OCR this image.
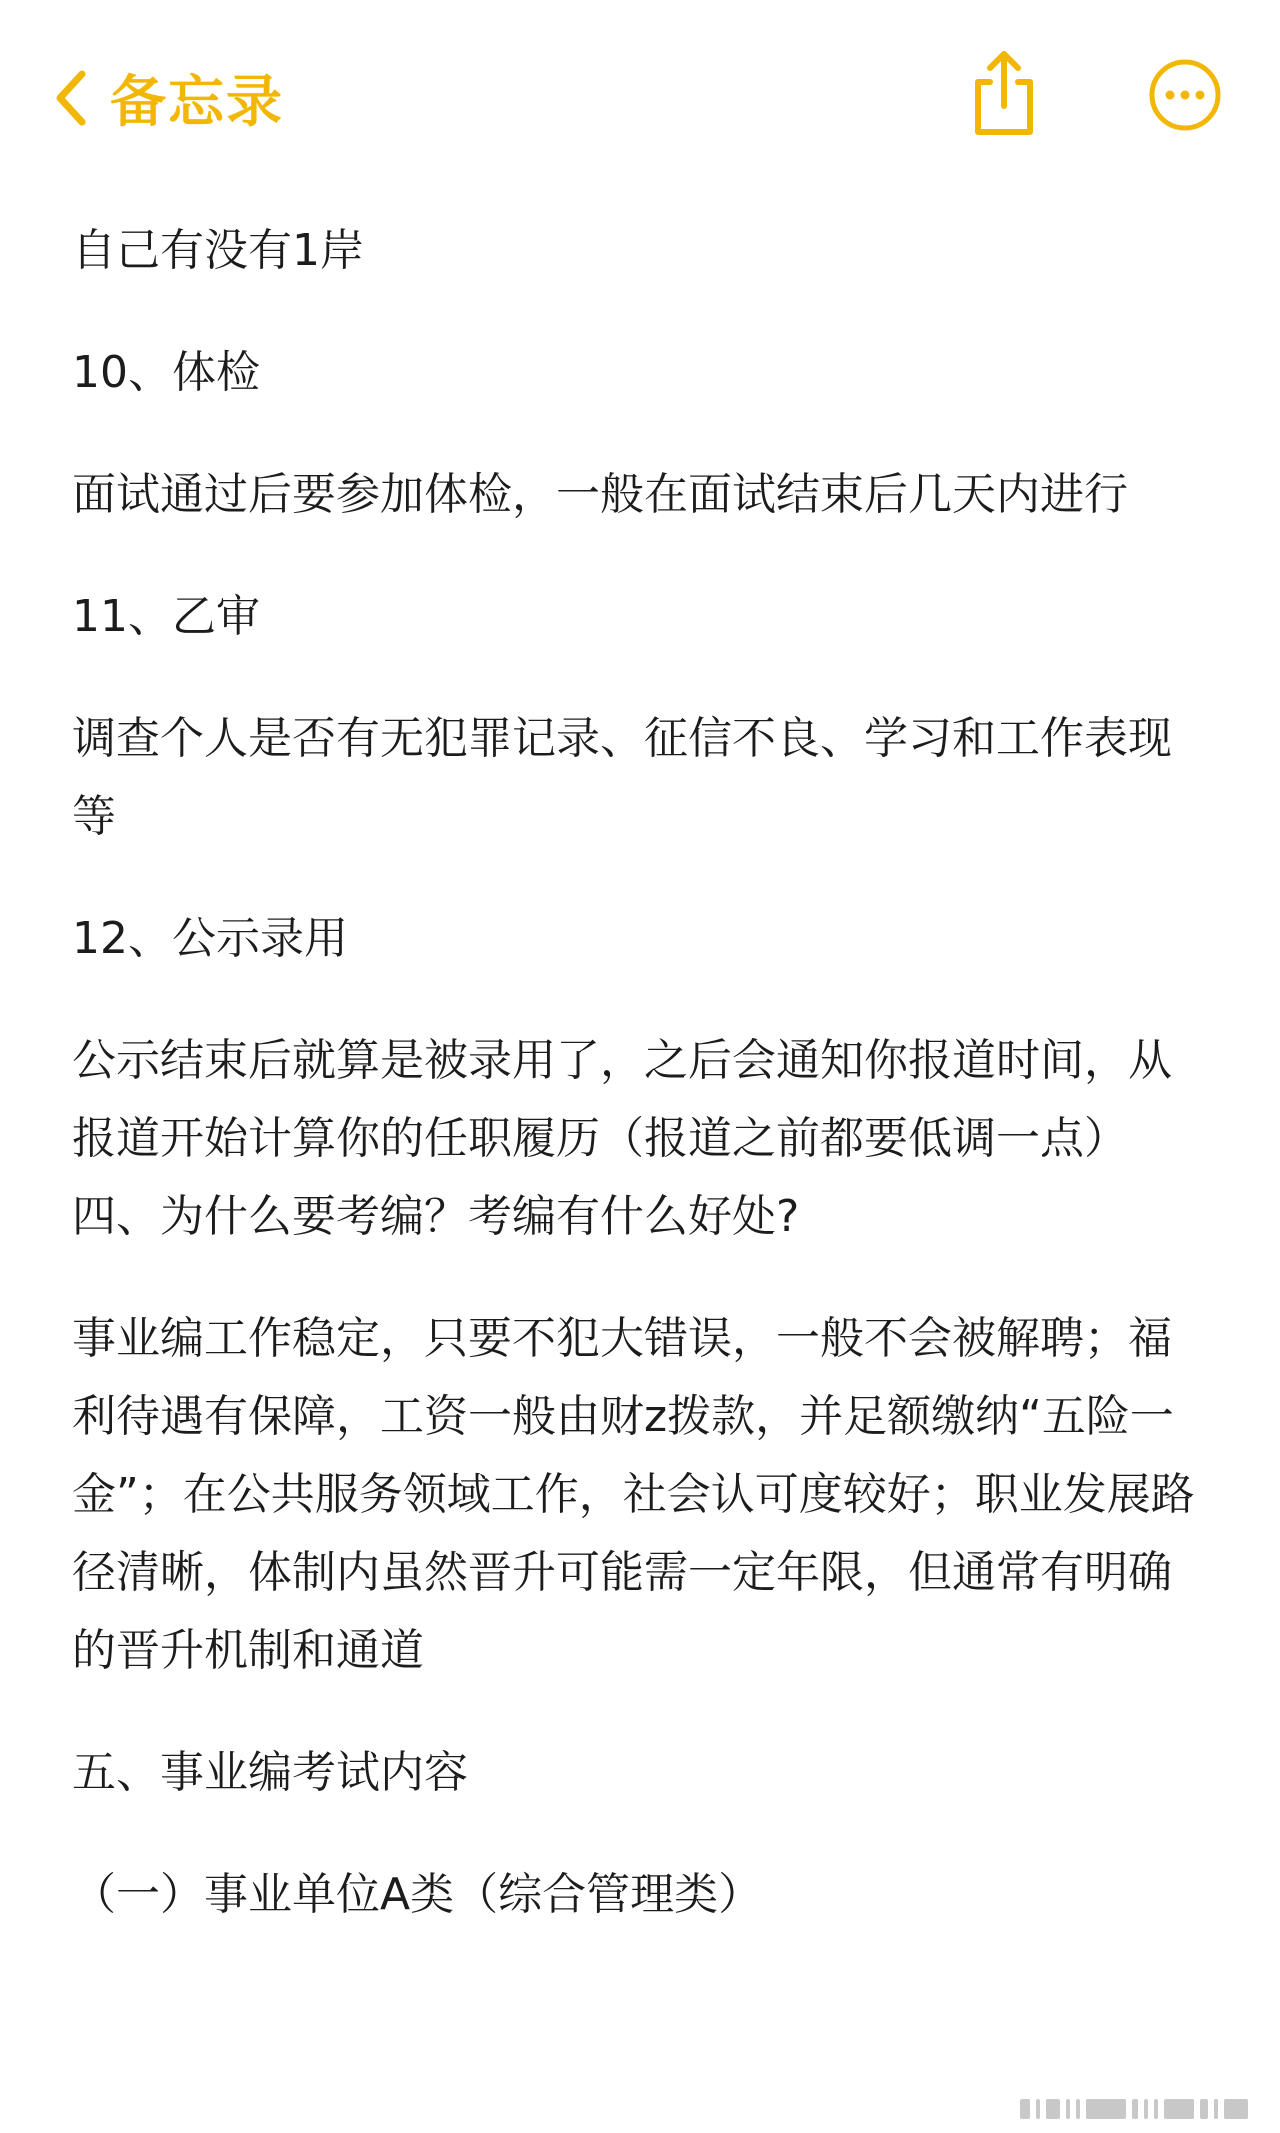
备忘录

自己有没有1岸

10、体检

面试通过后要参加体检，一般在面试结束后几天内进行

11、乙审

调查个人是否有无犯罪记录、征信不良、学习和工作表现等

12、公示录用

公示结束后就算是被录用了，之后会通知你报道时间，从报道开始计算你的任职履历（报道之前都要低调一点）四、为什么要考编？考编有什么好处?

事业编工作稳定，只要不犯大错误，一般不会被解聘；福利待遇有保障，工资一般由财z拨款，并足额缴纳“五险一金”；在公共服务领域工作，社会认可度较好；职业发展路径清晰，体制内虽然晋升可能需一定年限，但通常有明确的晋升机制和通道

五、事业编考试内容

（一）事业单位A类（综合管理类）
